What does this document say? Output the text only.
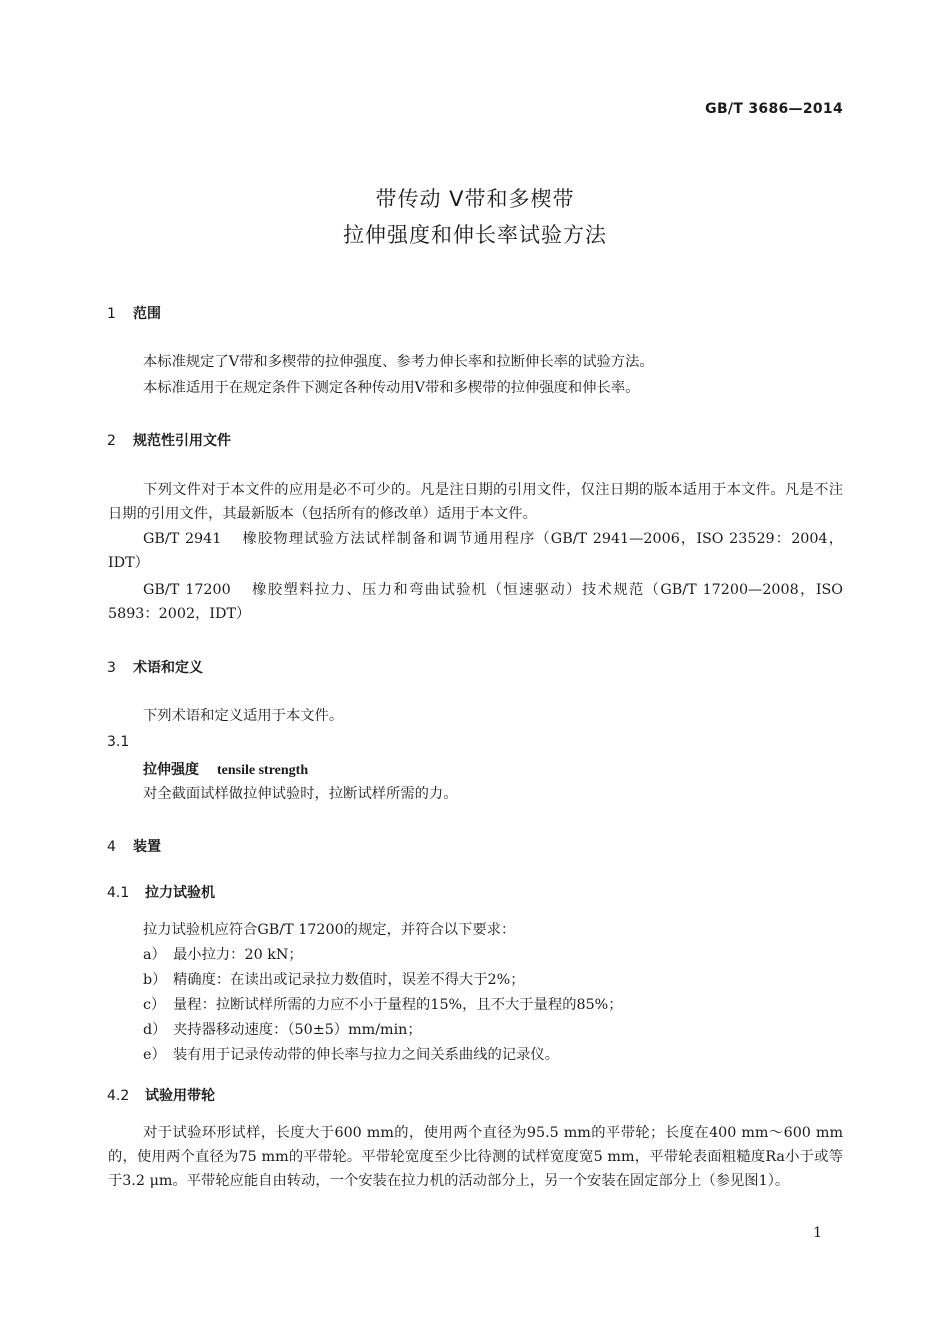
GB/T 3686—2014
带传动 V带和多楔带
拉伸强度和伸长率试验方法
1 范围
本标准规定了V带和多楔带的拉伸强度、参考力伸长率和拉断伸长率的试验方法。
本标准适用于在规定条件下测定各种传动用V带和多楔带的拉伸强度和伸长率。
2 规范性引用文件
下列文件对于本文件的应用是必不可少的。凡是注日期的引用文件，仅注日期的版本适用于本文件。凡是不注日期的引用文件，其最新版本（包括所有的修改单）适用于本文件。
GB/T 2941 橡胶物理试验方法试样制备和调节通用程序（GB/T 2941—2006，ISO 23529：2004，IDT）
GB/T 17200 橡胶塑料拉力、压力和弯曲试验机（恒速驱动）技术规范（GB/T 17200—2008，ISO 5893：2002，IDT）
3 术语和定义
下列术语和定义适用于本文件。
3.1
拉伸强度 tensile strength
对全截面试样做拉伸试验时，拉断试样所需的力。
4 装置
4.1 拉力试验机
拉力试验机应符合GB/T 17200的规定，并符合以下要求：
a） 最小拉力：20 kN；
b） 精确度：在读出或记录拉力数值时，误差不得大于2%；
c） 量程：拉断试样所需的力应不小于量程的15%，且不大于量程的85%；
d） 夹持器移动速度：（50±5）mm/min；
e） 装有用于记录传动带的伸长率与拉力之间关系曲线的记录仪。
4.2 试验用带轮
对于试验环形试样，长度大于600 mm的，使用两个直径为95.5 mm的平带轮；长度在400 mm～600 mm的，使用两个直径为75 mm的平带轮。平带轮宽度至少比待测的试样宽度宽5 mm，平带轮表面粗糙度Ra小于或等于3.2 μm。平带轮应能自由转动，一个安装在拉力机的活动部分上，另一个安装在固定部分上（参见图1）。
1
